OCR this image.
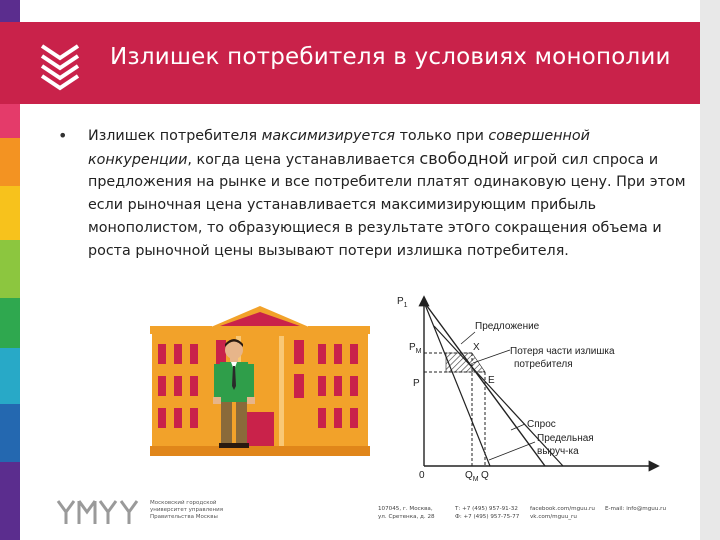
Излишек потребителя в условиях монополии
• Излишек потребителя максимизируется только при совершенной конкуренции, когда цена устанавливается свободной игрой сил спроса и предложения на рынке и все потребители платят одинаковую цену. При этом если рыночная цена устанавливается максимизирующим прибыль монополистом, то образующиеся в результате этого сокращения объема и роста рыночной цены вызывают потери излишка потребителя.
$P_1$
$P_M$
P
0	$Q_M$ Q
X
E
Предложение
Потеря части излишка
потребителя
Спрос
Предельная
выруч-ка
Московский городской
университет управления
Правительства Москвы
107045, г. Москва,
ул. Сретенка, д. 28
Т: +7 (495) 957-91-32
Ф: +7 (495) 957-75-77
facebook.com/mguu.ru
vk.com/mguu_ru
E-mail: info@mguu.ru
